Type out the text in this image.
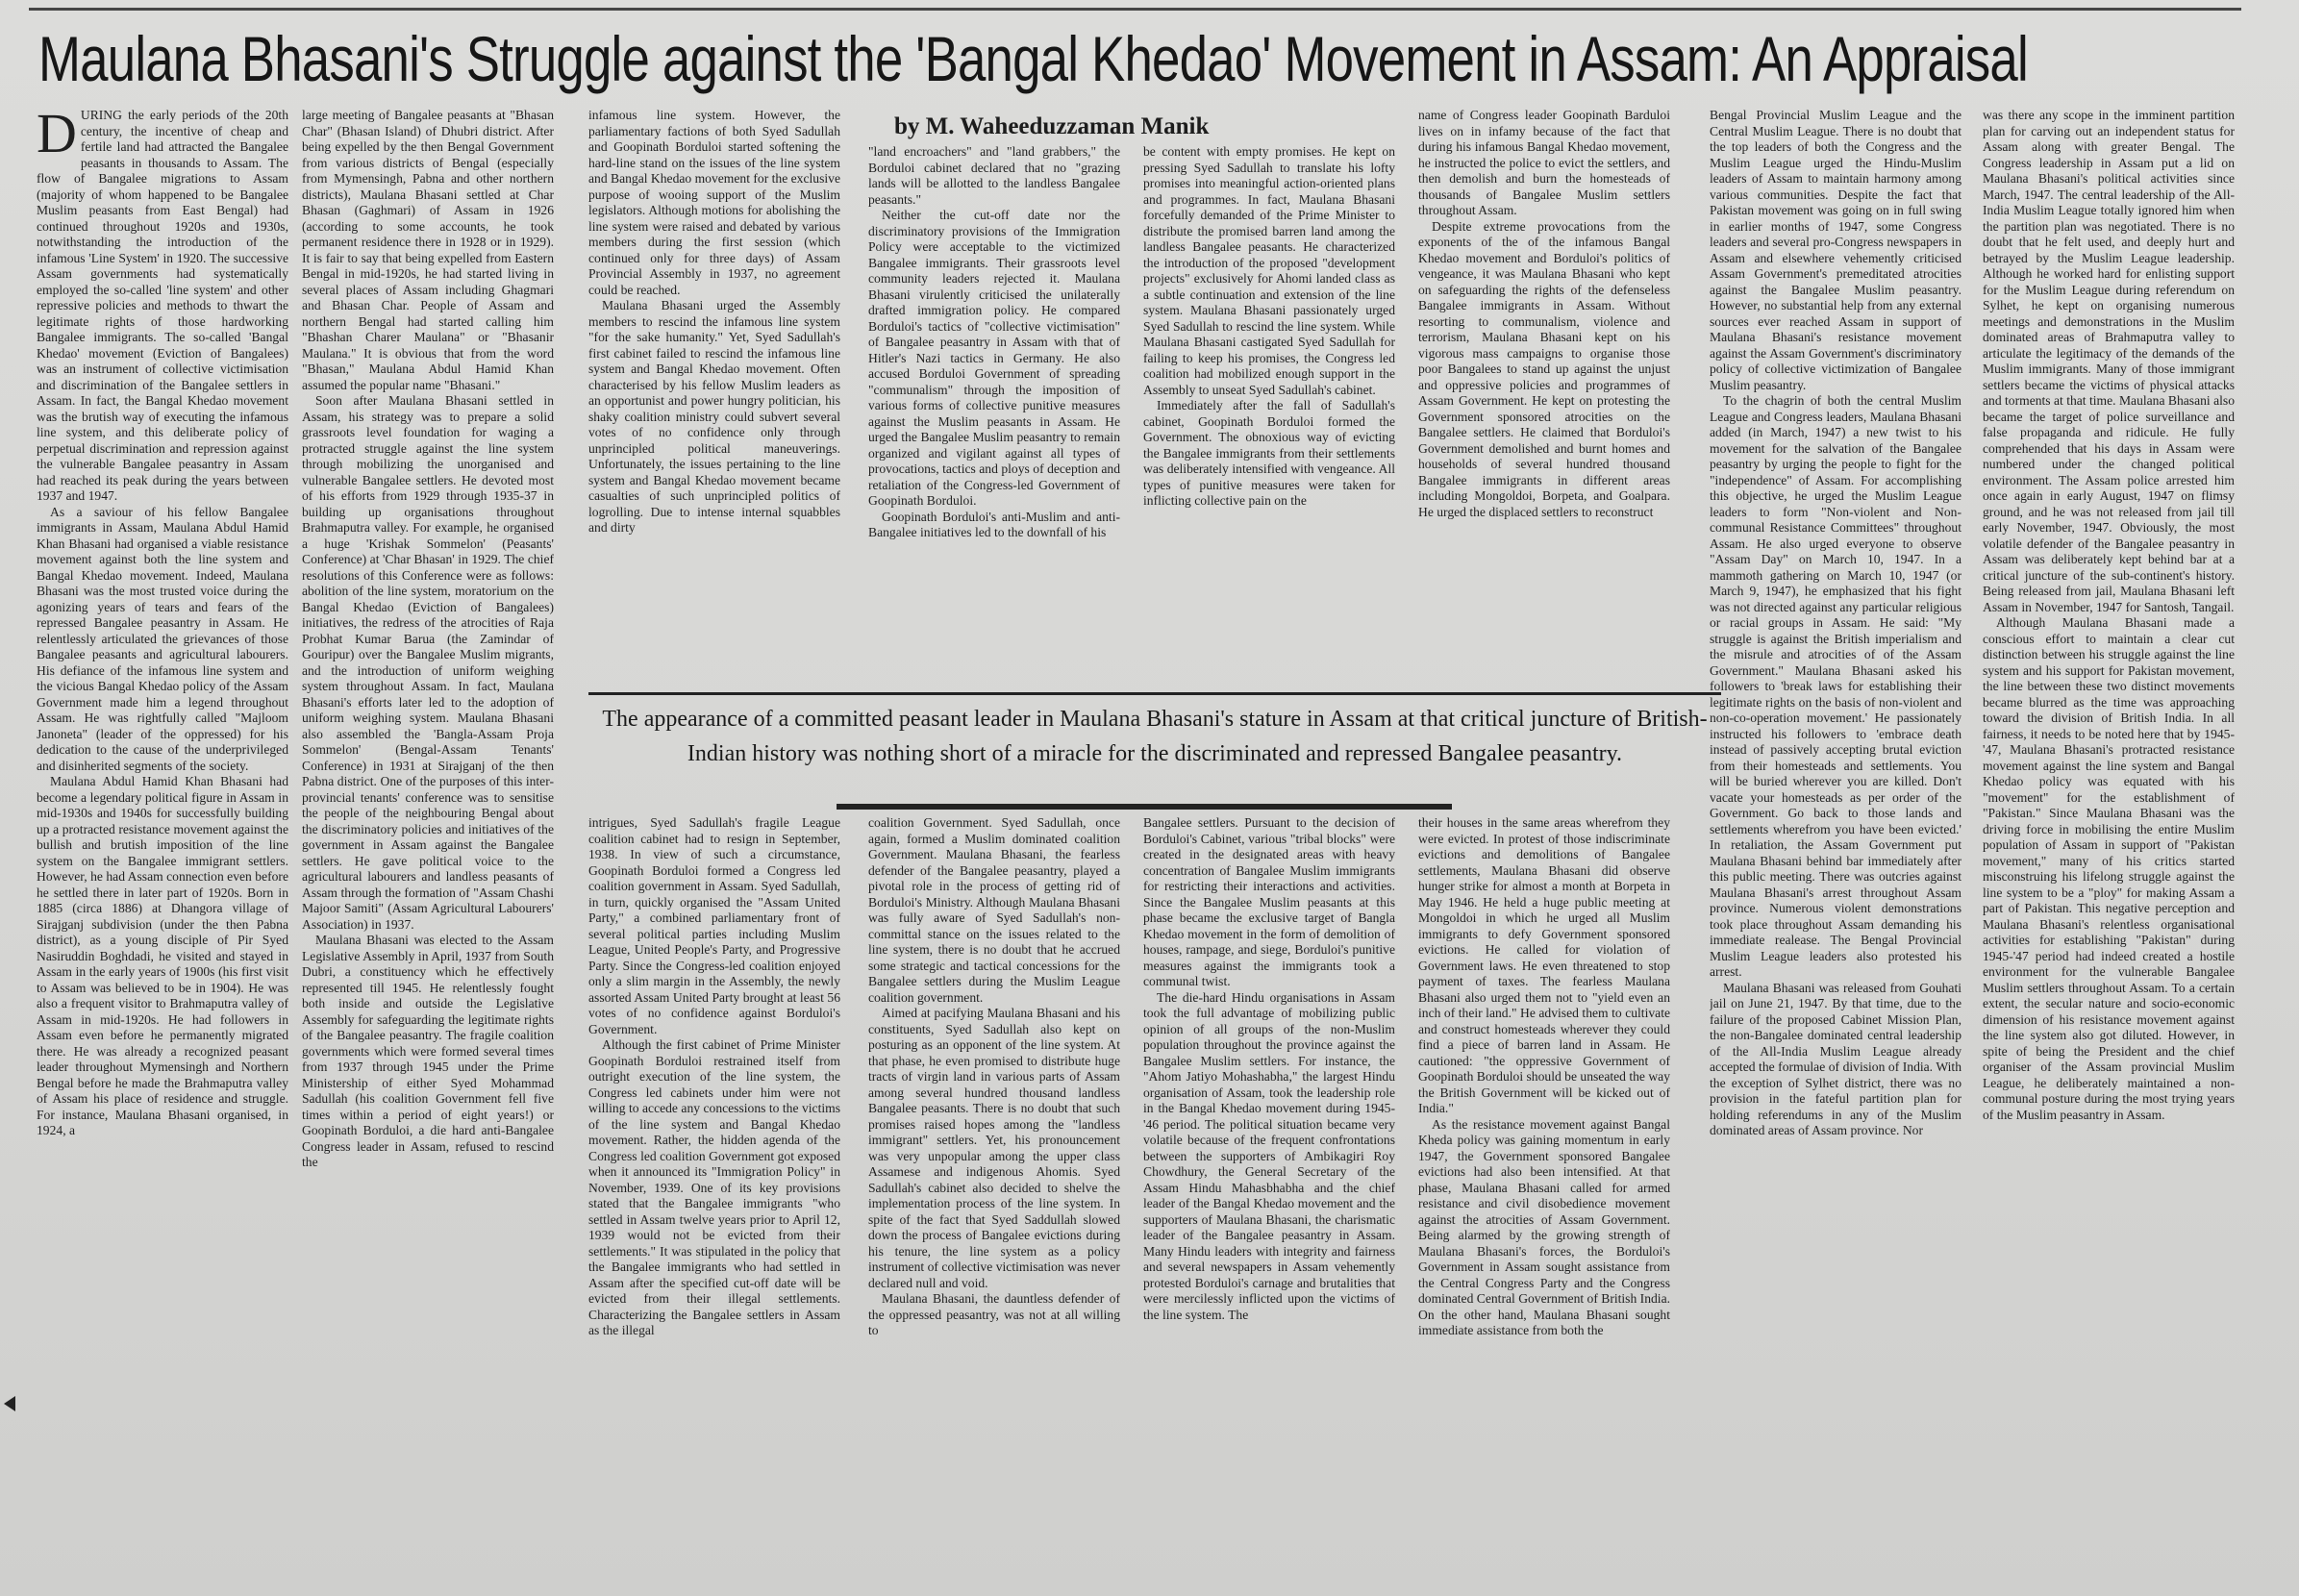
Maulana Bhasani's Struggle against the 'Bangal Khedao' Movement in Assam: An Appraisal
by M. Waheeduzzaman Manik

DURING the early periods of the 20th century, the incentive of cheap and fertile land had attracted the Bangalee peasants in thousands to Assam. The flow of Bangalee migrations to Assam (majority of whom happened to be Bangalee Muslim peasants from East Bengal) had continued throughout 1920s and 1930s, notwithstanding the introduction of the infamous 'Line System' in 1920. The successive Assam governments had systematically employed the so-called 'line system' and other repressive policies and methods to thwart the legitimate rights of those hardworking Bangalee immigrants. The so-called 'Bangal Khedao' movement (Eviction of Bangalees) was an instrument of collective victimisation and discrimination of the Bangalee settlers in Assam. In fact, the Bangal Khedao movement was the brutish way of executing the infamous line system, and this deliberate policy of perpetual discrimination and repression against the vulnerable Bangalee peasantry in Assam had reached its peak during the years between 1937 and 1947.

As a saviour of his fellow Bangalee immigrants in Assam, Maulana Abdul Hamid Khan Bhasani had organised a viable resistance movement against both the line system and Bangal Khedao movement. Indeed, Maulana Bhasani was the most trusted voice during the agonizing years of tears and fears of the repressed Bangalee peasantry in Assam. He relentlessly articulated the grievances of those Bangalee peasants and agricultural labourers. His defiance of the infamous line system and the vicious Bangal Khedao policy of the Assam Government made him a legend throughout Assam. He was rightfully called "Majloom Janoneta" (leader of the oppressed) for his dedication to the cause of the underprivileged and disinherited segments of the society.

Maulana Abdul Hamid Khan Bhasani had become a legendary political figure in Assam in mid-1930s and 1940s for successfully building up a protracted resistance movement against the bullish and brutish imposition of the line system on the Bangalee immigrant settlers. However, he had Assam connection even before he settled there in later part of 1920s. Born in 1885 (circa 1886) at Dhangora village of Sirajganj subdivision (under the then Pabna district), as a young disciple of Pir Syed Nasiruddin Boghdadi, he visited and stayed in Assam in the early years of 1900s (his first visit to Assam was believed to be in 1904). He was also a frequent visitor to Brahmaputra valley of Assam in mid-1920s. He had followers in Assam even before he permanently migrated there. He was already a recognized peasant leader throughout Mymensingh and Northern Bengal before he made the Brahmaputra valley of Assam his place of residence and struggle. For instance, Maulana Bhasani organised, in 1924, a

large meeting of Bangalee peasants at "Bhasan Char" (Bhasan Island) of Dhubri district. After being expelled by the then Bengal Government from various districts of Bengal (especially from Mymensingh, Pabna and other northern districts), Maulana Bhasani settled at Char Bhasan (Gaghmari) of Assam in 1926 (according to some accounts, he took permanent residence there in 1928 or in 1929). It is fair to say that being expelled from Eastern Bengal in mid-1920s, he had started living in several places of Assam including Ghagmari and Bhasan Char. People of Assam and northern Bengal had started calling him "Bhashan Charer Maulana" or "Bhasanir Maulana." It is obvious that from the word "Bhasan," Maulana Abdul Hamid Khan assumed the popular name "Bhasani."

Soon after Maulana Bhasani settled in Assam, his strategy was to prepare a solid grassroots level foundation for waging a protracted struggle against the line system through mobilizing the unorganised and vulnerable Bangalee settlers. He devoted most of his efforts from 1929 through 1935-37 in building up organisations throughout Brahmaputra valley. For example, he organised a huge 'Krishak Sommelon' (Peasants' Conference) at 'Char Bhasan' in 1929. The chief resolutions of this Conference were as follows: abolition of the line system, moratorium on the Bangal Khedao (Eviction of Bangalees) initiatives, the redress of the atrocities of Raja Probhat Kumar Barua (the Zamindar of Gouripur) over the Bangalee Muslim migrants, and the introduction of uniform weighing system throughout Assam. In fact, Maulana Bhasani's efforts later led to the adoption of uniform weighing system. Maulana Bhasani also assembled the 'Bangla-Assam Proja Sommelon' (Bengal-Assam Tenants' Conference) in 1931 at Sirajganj of the then Pabna district. One of the purposes of this inter-provincial tenants' conference was to sensitise the people of the neighbouring Bengal about the discriminatory policies and initiatives of the government in Assam against the Bangalee settlers. He gave political voice to the agricultural labourers and landless peasants of Assam through the formation of "Assam Chashi Majoor Samiti" (Assam Agricultural Labourers' Association) in 1937.

Maulana Bhasani was elected to the Assam Legislative Assembly in April, 1937 from South Dubri, a constituency which he effectively represented till 1945. He relentlessly fought both inside and outside the Legislative Assembly for safeguarding the legitimate rights of the Bangalee peasantry. The fragile coalition governments which were formed several times from 1937 through 1945 under the Prime Ministership of either Syed Mohammad Sadullah (his coalition Government fell five times within a period of eight years!) or Goopinath Borduloi, a die hard anti-Bangalee Congress leader in Assam, refused to rescind the

infamous line system. However, the parliamentary factions of both Syed Sadullah and Goopinath Borduloi started softening the hard-line stand on the issues of the line system and Bangal Khedao movement for the exclusive purpose of wooing support of the Muslim legislators. Although motions for abolishing the line system were raised and debated by various members during the first session (which continued only for three days) of Assam Provincial Assembly in 1937, no agreement could be reached.

Maulana Bhasani urged the Assembly members to rescind the infamous line system "for the sake humanity." Yet, Syed Sadullah's first cabinet failed to rescind the infamous line system and Bangal Khedao movement. Often characterised by his fellow Muslim leaders as an opportunist and power hungry politician, his shaky coalition ministry could subvert several votes of no confidence only through unprincipled political maneuverings. Unfortunately, the issues pertaining to the line system and Bangal Khedao movement became casualties of such unprincipled politics of logrolling. Due to intense internal squabbles and dirty

"land encroachers" and "land grabbers," the Borduloi cabinet declared that no "grazing lands will be allotted to the landless Bangalee peasants."

Neither the cut-off date nor the discriminatory provisions of the Immigration Policy were acceptable to the victimized Bangalee immigrants. Their grassroots level community leaders rejected it. Maulana Bhasani virulently criticised the unilaterally drafted immigration policy. He compared Borduloi's tactics of "collective victimisation" of Bangalee peasantry in Assam with that of Hitler's Nazi tactics in Germany. He also accused Borduloi Government of spreading "communalism" through the imposition of various forms of collective punitive measures against the Muslim peasants in Assam. He urged the Bangalee Muslim peasantry to remain organized and vigilant against all types of provocations, tactics and ploys of deception and retaliation of the Congress-led Government of Goopinath Borduloi.

Goopinath Borduloi's anti-Muslim and anti-Bangalee initiatives led to the downfall of his

be content with empty promises. He kept on pressing Syed Sadullah to translate his lofty promises into meaningful action-oriented plans and programmes. In fact, Maulana Bhasani forcefully demanded of the Prime Minister to distribute the promised barren land among the landless Bangalee peasants. He characterized the introduction of the proposed "development projects" exclusively for Ahomi landed class as a subtle continuation and extension of the line system. Maulana Bhasani passionately urged Syed Sadullah to rescind the line system. While Maulana Bhasani castigated Syed Sadullah for failing to keep his promises, the Congress led coalition had mobilized enough support in the Assembly to unseat Syed Sadullah's cabinet.

Immediately after the fall of Sadullah's cabinet, Goopinath Borduloi formed the Government. The obnoxious way of evicting the Bangalee immigrants from their settlements was deliberately intensified with vengeance. All types of punitive measures were taken for inflicting collective pain on the

name of Congress leader Goopinath Barduloi lives on in infamy because of the fact that during his infamous Bangal Khedao movement, he instructed the police to evict the settlers, and then demolish and burn the homesteads of thousands of Bangalee Muslim settlers throughout Assam.

Despite extreme provocations from the exponents of the of the infamous Bangal Khedao movement and Borduloi's politics of vengeance, it was Maulana Bhasani who kept on safeguarding the rights of the defenseless Bangalee immigrants in Assam. Without resorting to communalism, violence and terrorism, Maulana Bhasani kept on his vigorous mass campaigns to organise those poor Bangalees to stand up against the unjust and oppressive policies and programmes of Assam Government. He kept on protesting the Government sponsored atrocities on the Bangalee settlers. He claimed that Borduloi's Government demolished and burnt homes and households of several hundred thousand Bangalee immigrants in different areas including Mongoldoi, Borpeta, and Goalpara. He urged the displaced settlers to reconstruct

The appearance of a committed peasant leader in Maulana Bhasani's stature in Assam at that critical juncture of British-Indian history was nothing short of a miracle for the discriminated and repressed Bangalee peasantry.

intrigues, Syed Sadullah's fragile League coalition cabinet had to resign in September, 1938. In view of such a circumstance, Goopinath Borduloi formed a Congress led coalition government in Assam. Syed Sadullah, in turn, quickly organised the "Assam United Party," a combined parliamentary front of several political parties including Muslim League, United People's Party, and Progressive Party. Since the Congress-led coalition enjoyed only a slim margin in the Assembly, the newly assorted Assam United Party brought at least 56 votes of no confidence against Borduloi's Government.

Although the first cabinet of Prime Minister Goopinath Borduloi restrained itself from outright execution of the line system, the Congress led cabinets under him were not willing to accede any concessions to the victims of the line system and Bangal Khedao movement. Rather, the hidden agenda of the Congress led coalition Government got exposed when it announced its "Immigration Policy" in November, 1939. One of its key provisions stated that the Bangalee immigrants "who settled in Assam twelve years prior to April 12, 1939 would not be evicted from their settlements." It was stipulated in the policy that the Bangalee immigrants who had settled in Assam after the specified cut-off date will be evicted from their illegal settlements. Characterizing the Bangalee settlers in Assam as the illegal

coalition Government. Syed Sadullah, once again, formed a Muslim dominated coalition Government. Maulana Bhasani, the fearless defender of the Bangalee peasantry, played a pivotal role in the process of getting rid of Borduloi's Ministry. Although Maulana Bhasani was fully aware of Syed Sadullah's non-committal stance on the issues related to the line system, there is no doubt that he accrued some strategic and tactical concessions for the Bangalee settlers during the Muslim League coalition government.

Aimed at pacifying Maulana Bhasani and his constituents, Syed Sadullah also kept on posturing as an opponent of the line system. At that phase, he even promised to distribute huge tracts of virgin land in various parts of Assam among several hundred thousand landless Bangalee peasants. There is no doubt that such promises raised hopes among the "landless immigrant" settlers. Yet, his pronouncement was very unpopular among the upper class Assamese and indigenous Ahomis. Syed Sadullah's cabinet also decided to shelve the implementation process of the line system. In spite of the fact that Syed Saddullah slowed down the process of Bangalee evictions during his tenure, the line system as a policy instrument of collective victimisation was never declared null and void.

Maulana Bhasani, the dauntless defender of the oppressed peasantry, was not at all willing to

Bangalee settlers. Pursuant to the decision of Borduloi's Cabinet, various "tribal blocks" were created in the designated areas with heavy concentration of Bangalee Muslim immigrants for restricting their interactions and activities. Since the Bangalee Muslim peasants at this phase became the exclusive target of Bangla Khedao movement in the form of demolition of houses, rampage, and siege, Borduloi's punitive measures against the immigrants took a communal twist.

The die-hard Hindu organisations in Assam took the full advantage of mobilizing public opinion of all groups of the non-Muslim population throughout the province against the Bangalee Muslim settlers. For instance, the "Ahom Jatiyo Mohashabha," the largest Hindu organisation of Assam, took the leadership role in the Bangal Khedao movement during 1945-'46 period. The political situation became very volatile because of the frequent confrontations between the supporters of Ambikagiri Roy Chowdhury, the General Secretary of the Assam Hindu Mahasbhabha and the chief leader of the Bangal Khedao movement and the supporters of Maulana Bhasani, the charismatic leader of the Bangalee peasantry in Assam. Many Hindu leaders with integrity and fairness and several newspapers in Assam vehemently protested Borduloi's carnage and brutalities that were mercilessly inflicted upon the victims of the line system. The

their houses in the same areas wherefrom they were evicted. In protest of those indiscriminate evictions and demolitions of Bangalee settlements, Maulana Bhasani did observe hunger strike for almost a month at Borpeta in May 1946. He held a huge public meeting at Mongoldoi in which he urged all Muslim immigrants to defy Government sponsored evictions. He called for violation of Government laws. He even threatened to stop payment of taxes. The fearless Maulana Bhasani also urged them not to "yield even an inch of their land." He advised them to cultivate and construct homesteads wherever they could find a piece of barren land in Assam. He cautioned: "the oppressive Government of Goopinath Borduloi should be unseated the way the British Government will be kicked out of India."

As the resistance movement against Bangal Kheda policy was gaining momentum in early 1947, the Government sponsored Bangalee evictions had also been intensified. At that phase, Maulana Bhasani called for armed resistance and civil disobedience movement against the atrocities of Assam Government. Being alarmed by the growing strength of Maulana Bhasani's forces, the Borduloi's Government in Assam sought assistance from the Central Congress Party and the Congress dominated Central Government of British India. On the other hand, Maulana Bhasani sought immediate assistance from both the

Bengal Provincial Muslim League and the Central Muslim League. There is no doubt that the top leaders of both the Congress and the Muslim League urged the Hindu-Muslim leaders of Assam to maintain harmony among various communities. Despite the fact that Pakistan movement was going on in full swing in earlier months of 1947, some Congress leaders and several pro-Congress newspapers in Assam and elsewhere vehemently criticised Assam Government's premeditated atrocities against the Bangalee Muslim peasantry. However, no substantial help from any external sources ever reached Assam in support of Maulana Bhasani's resistance movement against the Assam Government's discriminatory policy of collective victimization of Bangalee Muslim peasantry.

To the chagrin of both the central Muslim League and Congress leaders, Maulana Bhasani added (in March, 1947) a new twist to his movement for the salvation of the Bangalee peasantry by urging the people to fight for the "independence" of Assam. For accomplishing this objective, he urged the Muslim League leaders to form "Non-violent and Non-communal Resistance Committees" throughout Assam. He also urged everyone to observe "Assam Day" on March 10, 1947. In a mammoth gathering on March 10, 1947 (or March 9, 1947), he emphasized that his fight was not directed against any particular religious or racial groups in Assam. He said: "My struggle is against the British imperialism and the misrule and atrocities of of the Assam Government." Maulana Bhasani asked his followers to 'break laws for establishing their legitimate rights on the basis of non-violent and non-co-operation movement.' He passionately instructed his followers to 'embrace death instead of passively accepting brutal eviction from their homesteads and settlements. You will be buried wherever you are killed. Don't vacate your homesteads as per order of the Government. Go back to those lands and settlements wherefrom you have been evicted.' In retaliation, the Assam Government put Maulana Bhasani behind bar immediately after this public meeting. There was outcries against Maulana Bhasani's arrest throughout Assam province. Numerous violent demonstrations took place throughout Assam demanding his immediate realease. The Bengal Provincial Muslim League leaders also protested his arrest.

Maulana Bhasani was released from Gouhati jail on June 21, 1947. By that time, due to the failure of the proposed Cabinet Mission Plan, the non-Bangalee dominated central leadership of the All-India Muslim League already accepted the formulae of division of India. With the exception of Sylhet district, there was no provision in the fateful partition plan for holding referendums in any of the Muslim dominated areas of Assam province. Nor

was there any scope in the imminent partition plan for carving out an independent status for Assam along with greater Bengal. The Congress leadership in Assam put a lid on Maulana Bhasani's political activities since March, 1947. The central leadership of the All-India Muslim League totally ignored him when the partition plan was negotiated. There is no doubt that he felt used, and deeply hurt and betrayed by the Muslim League leadership. Although he worked hard for enlisting support for the Muslim League during referendum on Sylhet, he kept on organising numerous meetings and demonstrations in the Muslim dominated areas of Brahmaputra valley to articulate the legitimacy of the demands of the Muslim immigrants. Many of those immigrant settlers became the victims of physical attacks and torments at that time. Maulana Bhasani also became the target of police surveillance and false propaganda and ridicule. He fully comprehended that his days in Assam were numbered under the changed political environment. The Assam police arrested him once again in early August, 1947 on flimsy ground, and he was not released from jail till early November, 1947. Obviously, the most volatile defender of the Bangalee peasantry in Assam was deliberately kept behind bar at a critical juncture of the sub-continent's history. Being released from jail, Maulana Bhasani left Assam in November, 1947 for Santosh, Tangail.

Although Maulana Bhasani made a conscious effort to maintain a clear cut distinction between his struggle against the line system and his support for Pakistan movement, the line between these two distinct movements became blurred as the time was approaching toward the division of British India. In all fairness, it needs to be noted here that by 1945-'47, Maulana Bhasani's protracted resistance movement against the line system and Bangal Khedao policy was equated with his "movement" for the establishment of "Pakistan." Since Maulana Bhasani was the driving force in mobilising the entire Muslim population of Assam in support of "Pakistan movement," many of his critics started misconstruing his lifelong struggle against the line system to be a "ploy" for making Assam a part of Pakistan. This negative perception and Maulana Bhasani's relentless organisational activities for establishing "Pakistan" during 1945-'47 period had indeed created a hostile environment for the vulnerable Bangalee Muslim settlers throughout Assam. To a certain extent, the secular nature and socio-economic dimension of his resistance movement against the line system also got diluted. However, in spite of being the President and the chief organiser of the Assam provincial Muslim League, he deliberately maintained a non-communal posture during the most trying years of the Muslim peasantry in Assam.
